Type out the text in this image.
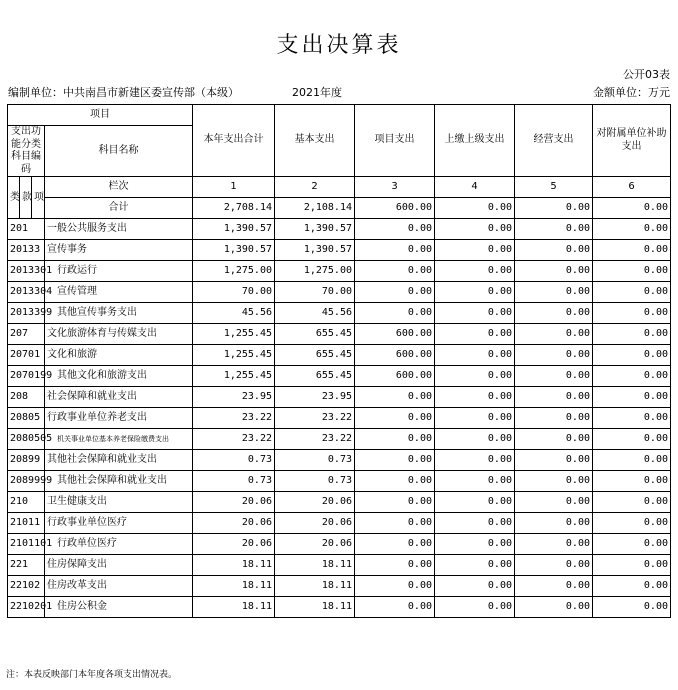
支出决算表
公开03表
编制单位：中共南昌市新建区委宣传部（本级）	2021年度	金额单位：万元
项目				本年支出合计	基本支出	项目支出	上缴上级支出	经营支出	对附属单位补助支出
支出功能分类科目编码			科目名称						
类	款	项	栏次	1	2	3	4	5	6
			合计	2,708.14	2,108.14	600.00	0.00	0.00	0.00
201			一般公共服务支出	1,390.57	1,390.57	0.00	0.00	0.00	0.00
20133			宣传事务	1,390.57	1,390.57	0.00	0.00	0.00	0.00
2013301			行政运行	1,275.00	1,275.00	0.00	0.00	0.00	0.00
2013304			宣传管理	70.00	70.00	0.00	0.00	0.00	0.00
2013399			其他宣传事务支出	45.56	45.56	0.00	0.00	0.00	0.00
207			文化旅游体育与传媒支出	1,255.45	655.45	600.00	0.00	0.00	0.00
20701			文化和旅游	1,255.45	655.45	600.00	0.00	0.00	0.00
2070199			其他文化和旅游支出	1,255.45	655.45	600.00	0.00	0.00	0.00
208			社会保障和就业支出	23.95	23.95	0.00	0.00	0.00	0.00
20805			行政事业单位养老支出	23.22	23.22	0.00	0.00	0.00	0.00
2080505			机关事业单位基本养老保险缴费支出	23.22	23.22	0.00	0.00	0.00	0.00
20899			其他社会保障和就业支出	0.73	0.73	0.00	0.00	0.00	0.00
2089999			其他社会保障和就业支出	0.73	0.73	0.00	0.00	0.00	0.00
210			卫生健康支出	20.06	20.06	0.00	0.00	0.00	0.00
21011			行政事业单位医疗	20.06	20.06	0.00	0.00	0.00	0.00
2101101			行政单位医疗	20.06	20.06	0.00	0.00	0.00	0.00
221			住房保障支出	18.11	18.11	0.00	0.00	0.00	0.00
22102			住房改革支出	18.11	18.11	0.00	0.00	0.00	0.00
2210201			住房公积金	18.11	18.11	0.00	0.00	0.00	0.00
注：本表反映部门本年度各项支出情况表。
